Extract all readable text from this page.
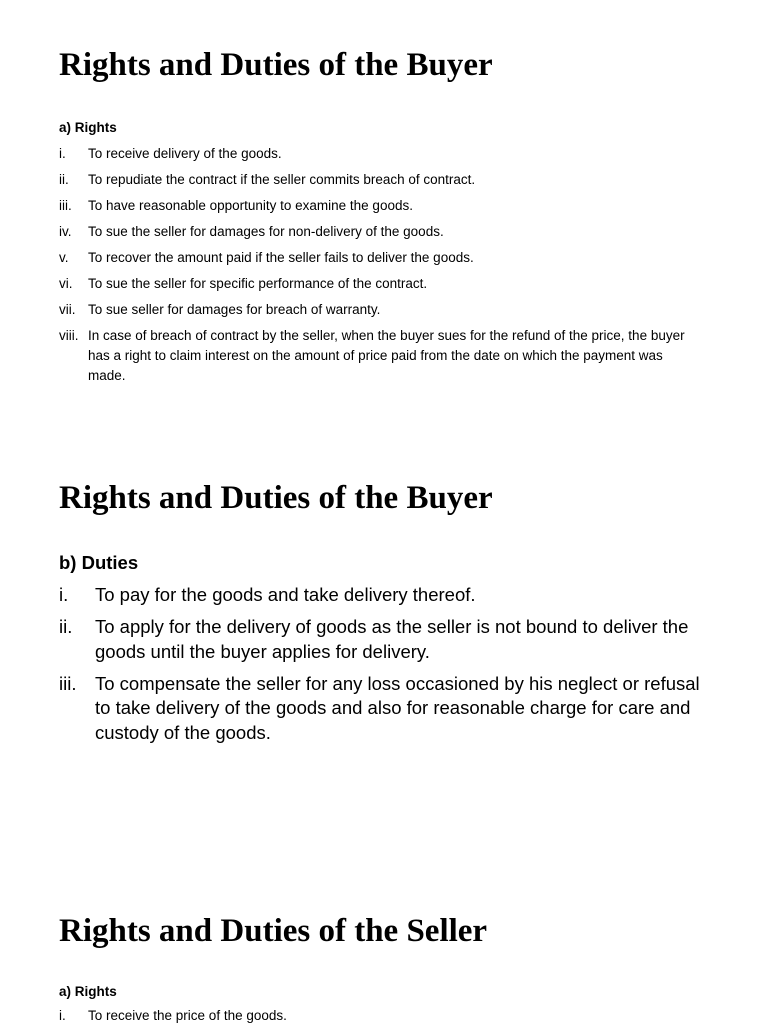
Rights and Duties of the Buyer
a) Rights
i. To receive delivery of the goods.
ii. To repudiate the contract if the seller commits breach of contract.
iii. To have reasonable opportunity to examine the goods.
iv. To sue the seller for damages for non-delivery of the goods.
v. To recover the amount paid if the seller fails to deliver the goods.
vi. To sue the seller for specific performance of the contract.
vii. To sue seller for damages for breach of warranty.
viii. In case of breach of contract by the seller, when the buyer sues for the refund of the price, the buyer has a right to claim interest on the amount of price paid from the date on which the payment was made.
Rights and Duties of the Buyer
b) Duties
i. To pay for the goods and take delivery thereof.
ii. To apply for the delivery of goods as the seller is not bound to deliver the goods until the buyer applies for delivery.
iii. To compensate the seller for any loss occasioned by his neglect or refusal to take delivery of the goods and also for reasonable charge for care and custody of the goods.
Rights and Duties of the Seller
a) Rights
i. To receive the price of the goods.
